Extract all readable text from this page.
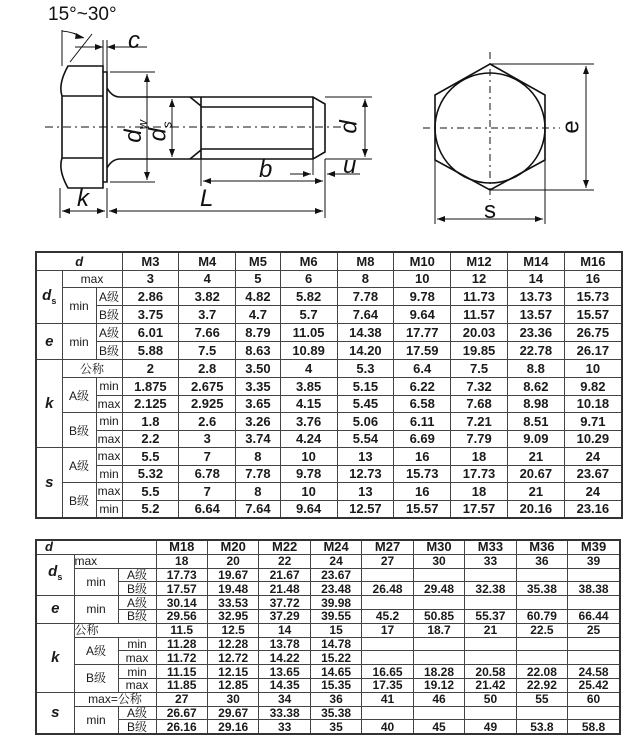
15°~30°
c
$d_w$
$d_s$	d
b	u
k	L
e
s
d			M3	M4	M5	M6	M8	M10	M12	M14	M16
$d_s$	max		3	4	5	6	8	10	12	14	16
	min	A级	2.86	3.82	4.82	5.82	7.78	9.78	11.73	13.73	15.73
		B级	3.75	3.7	4.7	5.7	7.64	9.64	11.57	13.57	15.57
e	min	A级	6.01	7.66	8.79	11.05	14.38	17.77	20.03	23.36	26.75
		B级	5.88	7.5	8.63	10.89	14.20	17.59	19.85	22.78	26.17
k	公称		2	2.8	3.50	4	5.3	6.4	7.5	8.8	10
	A级	min	1.875	2.675	3.35	3.85	5.15	6.22	7.32	8.62	9.82
		max	2.125	2.925	3.65	4.15	5.45	6.58	7.68	8.98	10.18
	B级	min	1.8	2.6	3.26	3.76	5.06	6.11	7.21	8.51	9.71
		max	2.2	3	3.74	4.24	5.54	6.69	7.79	9.09	10.29
s	A级	max	5.5	7	8	10	13	16	18	21	24
		min	5.32	6.78	7.78	9.78	12.73	15.73	17.73	20.67	23.67
	B级	max	5.5	7	8	10	13	16	18	21	24
		min	5.2	6.64	7.64	9.64	12.57	15.57	17.57	20.16	23.16
d			M18	M20	M22	M24	M27	M30	M33	M36	M39
$d_s$	max		18	20	22	24	27	30	33	36	39
	min	A级	17.73	19.67	21.67	23.67					
		B级	17.57	19.48	21.48	23.48	26.48	29.48	32.38	35.38	38.38
e	min	A级	30.14	33.53	37.72	39.98					
		B级	29.56	32.95	37.29	39.55	45.2	50.85	55.37	60.79	66.44
k	公称		11.5	12.5	14	15	17	18.7	21	22.5	25
	A级	min	11.28	12.28	13.78	14.78					
		max	11.72	12.72	14.22	15.22					
	B级	min	11.15	12.15	13.65	14.65	16.65	18.28	20.58	22.08	24.58
		max	11.85	12.85	14.35	15.35	17.35	19.12	21.42	22.92	25.42
s	max=公称		27	30	34	36	41	46	50	55	60
	min	A级	26.67	29.67	33.38	35.38					
		B级	26.16	29.16	33	35	40	45	49	53.8	58.8
